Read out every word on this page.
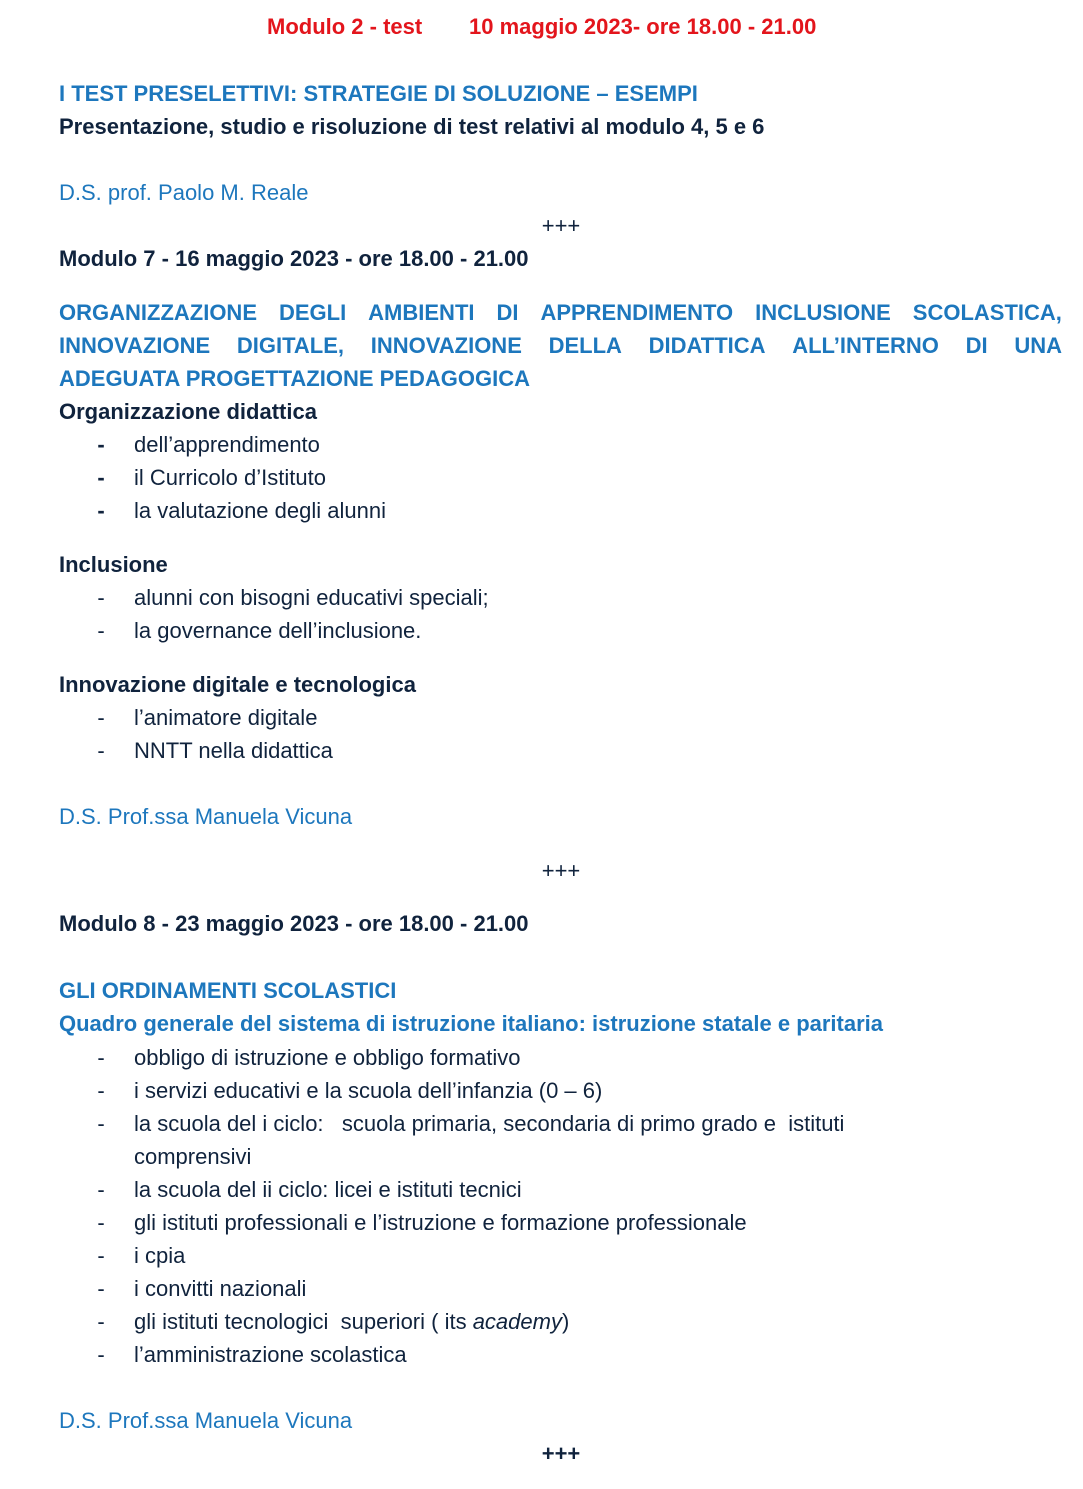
Modulo 2 - test 10 maggio 2023- ore 18.00 - 21.00
I TEST PRESELETTIVI: STRATEGIE DI SOLUZIONE – ESEMPI
Presentazione, studio e risoluzione di test relativi al modulo 4, 5 e 6
D.S. prof. Paolo M. Reale
+++
Modulo 7 - 16 maggio 2023 - ore 18.00 - 21.00
ORGANIZZAZIONE DEGLI AMBIENTI DI APPRENDIMENTO INCLUSIONE SCOLASTICA,
INNOVAZIONE DIGITALE, INNOVAZIONE DELLA DIDATTICA ALL’INTERNO DI UNA
ADEGUATA PROGETTAZIONE PEDAGOGICA
Organizzazione didattica
- dell’apprendimento
- il Curricolo d’Istituto
- la valutazione degli alunni
Inclusione
- alunni con bisogni educativi speciali;
- la governance dell’inclusione.
Innovazione digitale e tecnologica
- l’animatore digitale
- NNTT nella didattica
D.S. Prof.ssa Manuela Vicuna
+++
Modulo 8 - 23 maggio 2023 - ore 18.00 - 21.00
GLI ORDINAMENTI SCOLASTICI
Quadro generale del sistema di istruzione italiano: istruzione statale e paritaria
- obbligo di istruzione e obbligo formativo
- i servizi educativi e la scuola dell’infanzia (0 – 6)
- la scuola del i ciclo:   scuola primaria, secondaria di primo grado e  istituti
comprensivi
- la scuola del ii ciclo: licei e istituti tecnici
- gli istituti professionali e l’istruzione e formazione professionale
- i cpia
- i convitti nazionali
- gli istituti tecnologici  superiori ( its academy)
- l’amministrazione scolastica
D.S. Prof.ssa Manuela Vicuna
+++
